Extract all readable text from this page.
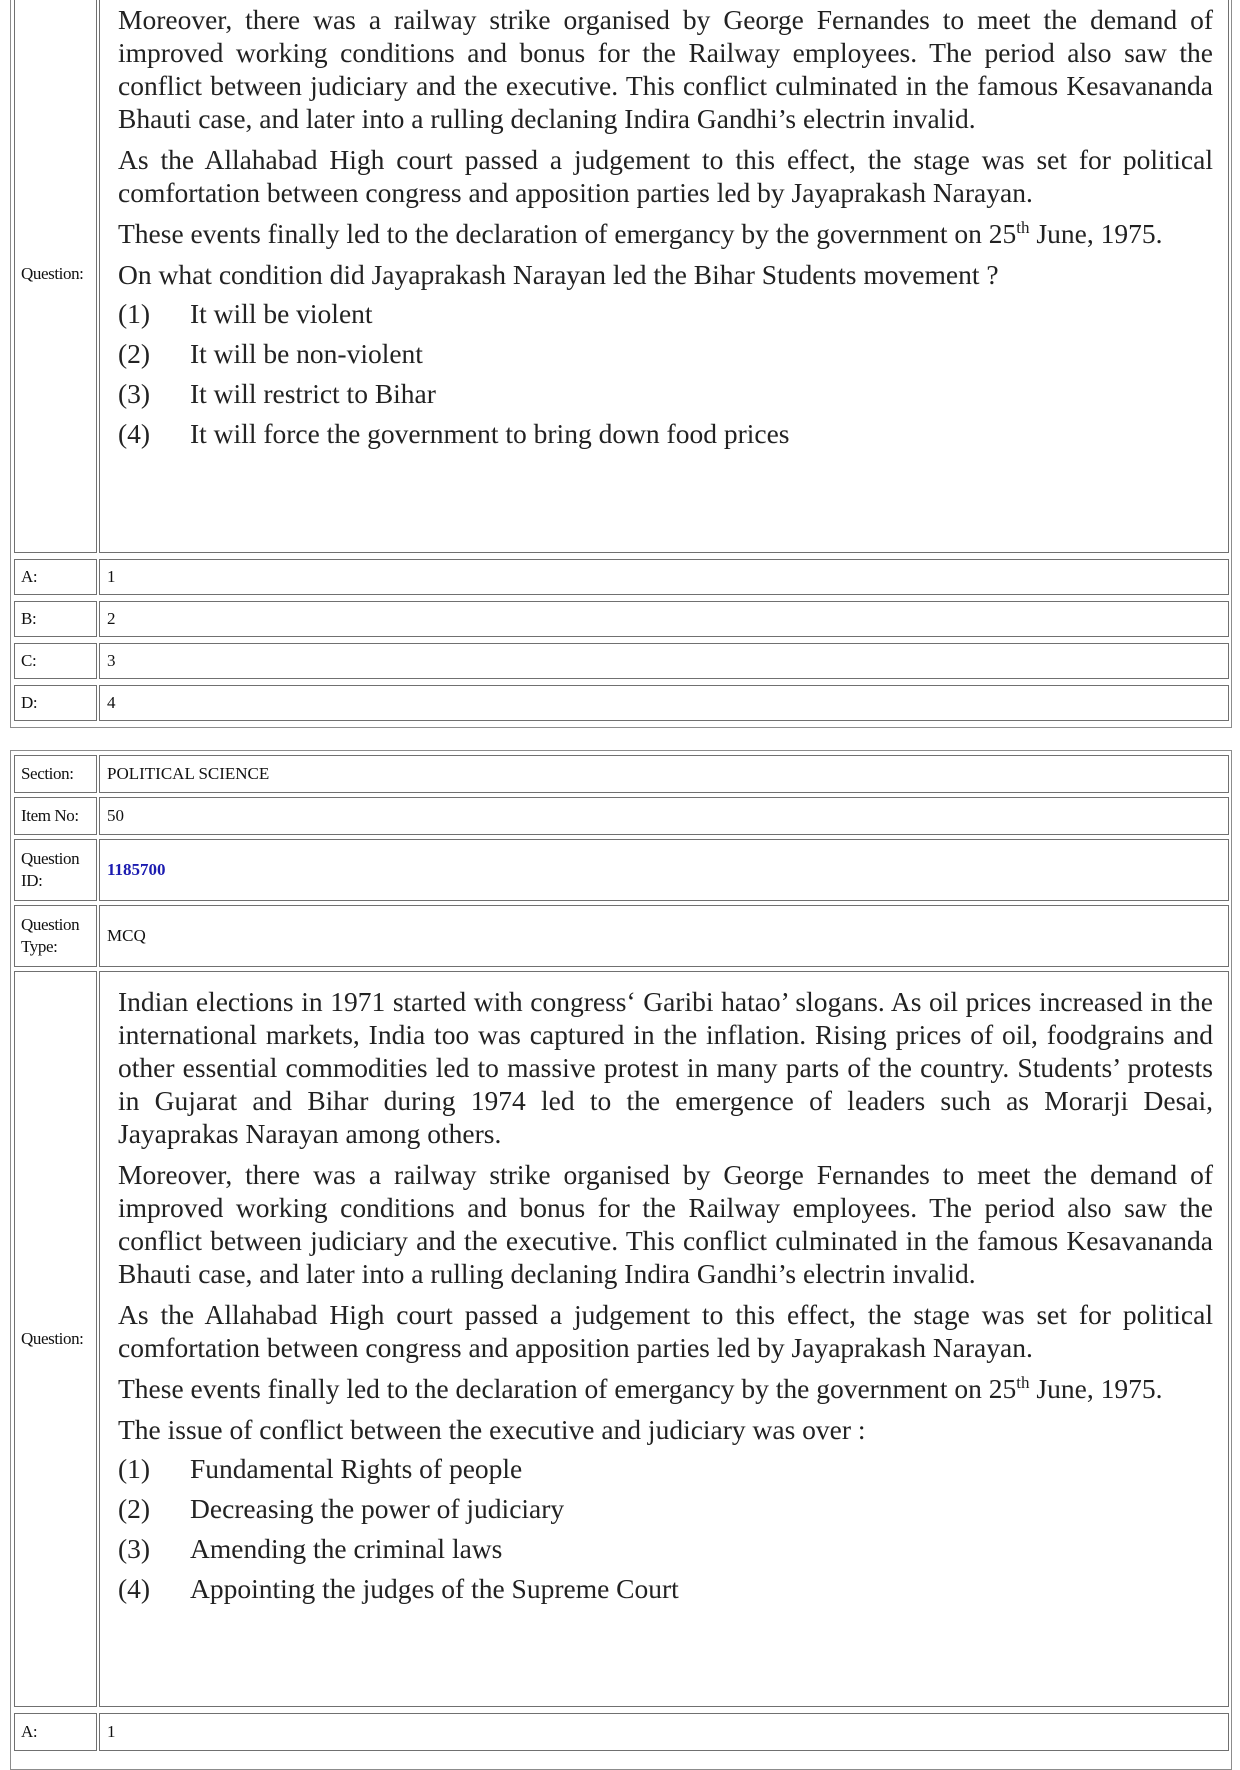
Question:

Moreover, there was a railway strike organised by George Fernandes to meet the demand of improved working conditions and bonus for the Railway employees. The period also saw the conflict between judiciary and the executive. This conflict culminated in the famous Kesavananda Bhauti case, and later into a rulling declaning Indira Gandhi’s electrin invalid.

As the Allahabad High court passed a judgement to this effect, the stage was set for political comfortation between congress and apposition parties led by Jayaprakash Narayan.

These events finally led to the declaration of emergancy by the government on 25th June, 1975.

On what condition did Jayaprakash Narayan led the Bihar Students movement ?

(1)	It will be violent
(2)	It will be non-violent
(3)	It will restrict to Bihar
(4)	It will force the government to bring down food prices
A:	1
B:	2
C:	3
D:	4
Section: POLITICAL SCIENCE
Item No: 50
Question ID:
1185700
Question Type:
MCQ
Question:

Indian elections in 1971 started with congress‘ Garibi hatao’ slogans. As oil prices increased in the international markets, India too was captured in the inflation. Rising prices of oil, foodgrains and other essential commodities led to massive protest in many parts of the country. Students’ protests in Gujarat and Bihar during 1974 led to the emergence of leaders such as Morarji Desai, Jayaprakas Narayan among others.

Moreover, there was a railway strike organised by George Fernandes to meet the demand of improved working conditions and bonus for the Railway employees. The period also saw the conflict between judiciary and the executive. This conflict culminated in the famous Kesavananda Bhauti case, and later into a rulling declaning Indira Gandhi’s electrin invalid.

As the Allahabad High court passed a judgement to this effect, the stage was set for political comfortation between congress and apposition parties led by Jayaprakash Narayan.

These events finally led to the declaration of emergancy by the government on 25th June, 1975.

The issue of conflict between the executive and judiciary was over :

(1)	Fundamental Rights of people
(2)	Decreasing the power of judiciary
(3)	Amending the criminal laws
(4)	Appointing the judges of the Supreme Court
A:	1
